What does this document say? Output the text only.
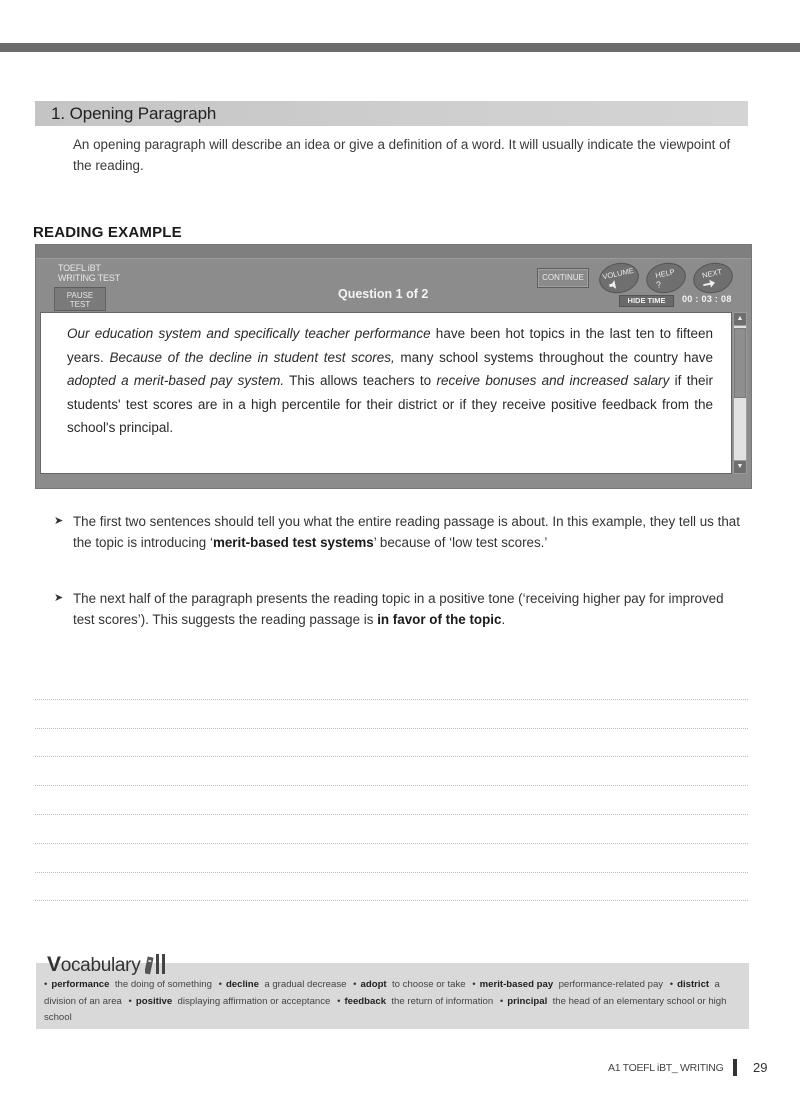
1. Opening Paragraph

An opening paragraph will describe an idea or give a definition of a word. It will usually indicate the viewpoint of the reading.

READING EXAMPLE
TOEFL iBT
WRITING TEST
PAUSE
TEST
Question 1 of 2
CONTINUE	VOLUME	HELP
?
NEXT
HIDE TIME	00 : 03 : 08

Our education system and specifically teacher performance have been hot topics in the last ten to fifteen years. Because of the decline in student test scores, many school systems throughout the country have adopted a merit-based pay system. This allows teachers to receive bonuses and increased salary if their students' test scores are in a high percentile for their district or if they receive positive feedback from the school's principal.

▲
▼
➤ The first two sentences should tell you what the entire reading passage is about. In this example, they tell us that the topic is introducing ‘merit-based test systems’ because of ‘low test scores.’
➤ The next half of the paragraph presents the reading topic in a positive tone (‘receiving higher pay for improved test scores’). This suggests the reading passage is in favor of the topic.
Vocabulary
• performance the doing of something • decline a gradual decrease • adopt to choose or take • merit-based pay performance-related pay • district a division of an area • positive displaying affirmation or acceptance • feedback the return of information • principal the head of an elementary school or high school
A1 TOEFL iBT_ WRITING 29
